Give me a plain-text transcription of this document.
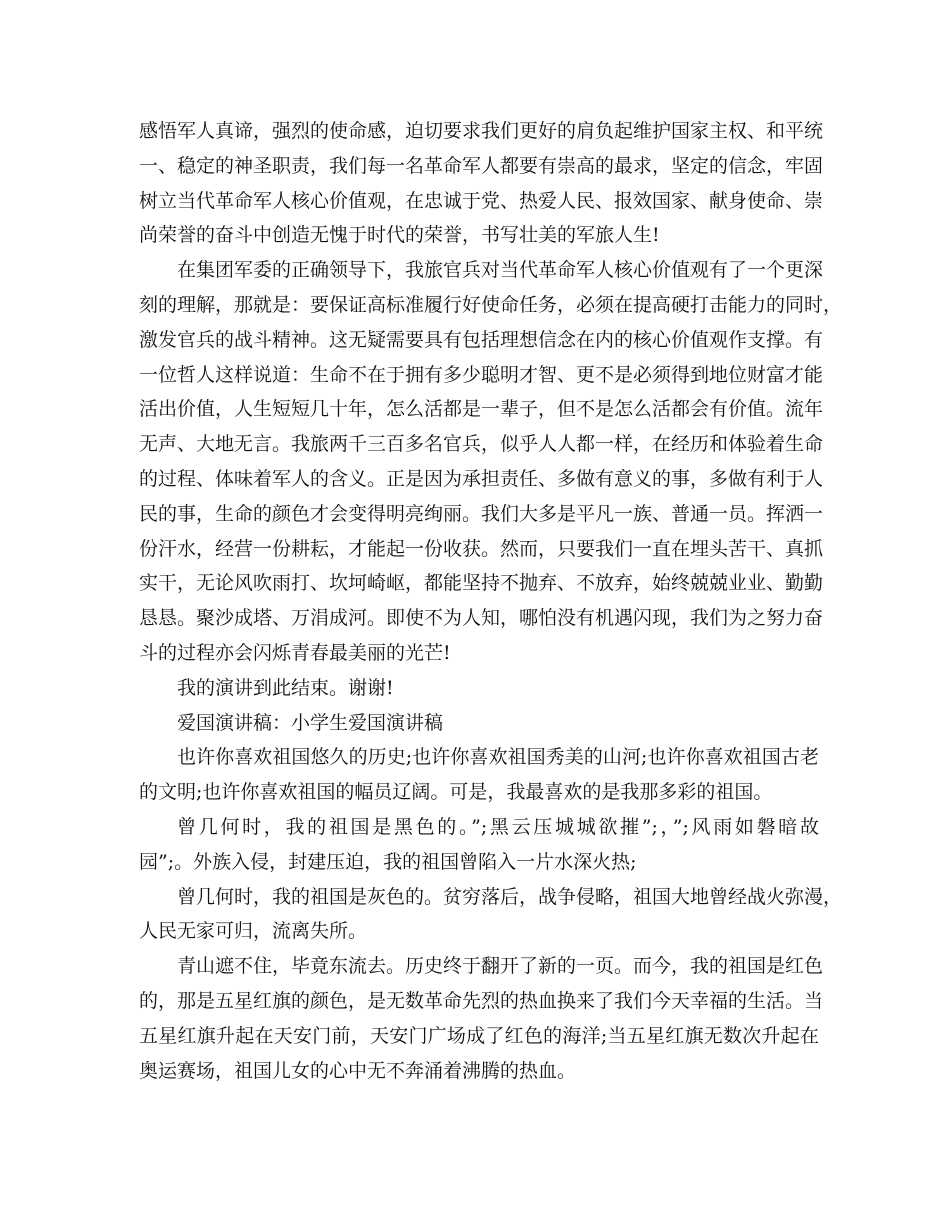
感悟军人真谛，强烈的使命感，迫切要求我们更好的肩负起维护国家主权、和平统
一、稳定的神圣职责，我们每一名革命军人都要有崇高的最求，坚定的信念，牢固
树立当代革命军人核心价值观，在忠诚于党、热爱人民、报效国家、献身使命、崇
尚荣誉的奋斗中创造无愧于时代的荣誉，书写壮美的军旅人生!
在集团军委的正确领导下，我旅官兵对当代革命军人核心价值观有了一个更深
刻的理解，那就是：要保证高标准履行好使命任务，必须在提高硬打击能力的同时，
激发官兵的战斗精神。这无疑需要具有包括理想信念在内的核心价值观作支撑。有
一位哲人这样说道：生命不在于拥有多少聪明才智、更不是必须得到地位财富才能
活出价值，人生短短几十年，怎么活都是一辈子，但不是怎么活都会有价值。流年
无声、大地无言。我旅两千三百多名官兵，似乎人人都一样，在经历和体验着生命
的过程、体味着军人的含义。正是因为承担责任、多做有意义的事，多做有利于人
民的事，生命的颜色才会变得明亮绚丽。我们大多是平凡一族、普通一员。挥洒一
份汗水，经营一份耕耘，才能起一份收获。然而，只要我们一直在埋头苦干、真抓
实干，无论风吹雨打、坎坷崎岖，都能坚持不抛弃、不放弃，始终兢兢业业、勤勤
恳恳。聚沙成塔、万涓成河。即使不为人知，哪怕没有机遇闪现，我们为之努力奋
斗的过程亦会闪烁青春最美丽的光芒!
我的演讲到此结束。谢谢!
爱国演讲稿：小学生爱国演讲稿
也许你喜欢祖国悠久的历史;也许你喜欢祖国秀美的山河;也许你喜欢祖国古老
的文明;也许你喜欢祖国的幅员辽阔。可是，我最喜欢的是我那多彩的祖国。
曾几何时，我的祖国是黑色的。”;黑云压城城欲摧”;，”;风雨如磐暗故
园”;。外族入侵，封建压迫，我的祖国曾陷入一片水深火热;
曾几何时，我的祖国是灰色的。贫穷落后，战争侵略，祖国大地曾经战火弥漫，
人民无家可归，流离失所。
青山遮不住，毕竟东流去。历史终于翻开了新的一页。而今，我的祖国是红色
的，那是五星红旗的颜色，是无数革命先烈的热血换来了我们今天幸福的生活。当
五星红旗升起在天安门前，天安门广场成了红色的海洋;当五星红旗无数次升起在
奥运赛场，祖国儿女的心中无不奔涌着沸腾的热血。
